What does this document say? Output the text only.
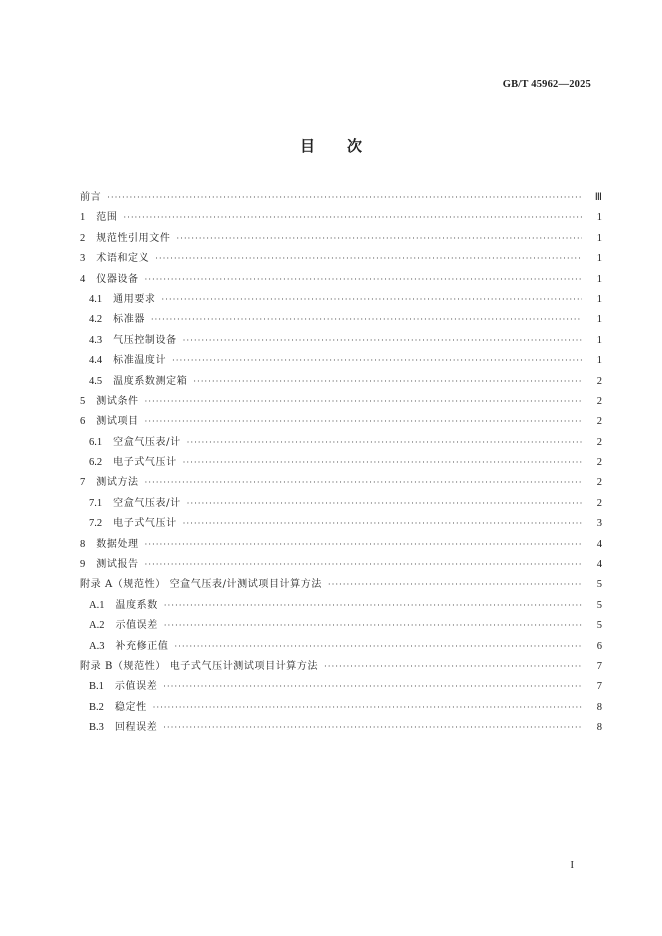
GB/T 45962—2025
目 次
前言 ·····	Ⅲ
1 范围 ·····	1
2 规范性引用文件 ·····	1
3 术语和定义 ·····	1
4 仪器设备 ·····	1
4.1 通用要求 ·····	1
4.2 标准器 ·····	1
4.3 气压控制设备 ·····	1
4.4 标准温度计 ·····	1
4.5 温度系数测定箱 ·····	2
5 测试条件 ·····	2
6 测试项目 ·····	2
6.1 空盒气压表/计 ·····	2
6.2 电子式气压计 ·····	2
7 测试方法 ·····	2
7.1 空盒气压表/计 ·····	2
7.2 电子式气压计 ·····	3
8 数据处理 ·····	4
9 测试报告 ·····	4
附录 A（规范性） 空盒气压表/计测试项目计算方法 ·····	5
A.1 温度系数 ·····	5
A.2 示值误差 ·····	5
A.3 补充修正值 ·····	6
附录 B（规范性） 电子式气压计测试项目计算方法 ·····	7
B.1 示值误差 ·····	7
B.2 稳定性 ·····	8
B.3 回程误差 ·····	8
I
